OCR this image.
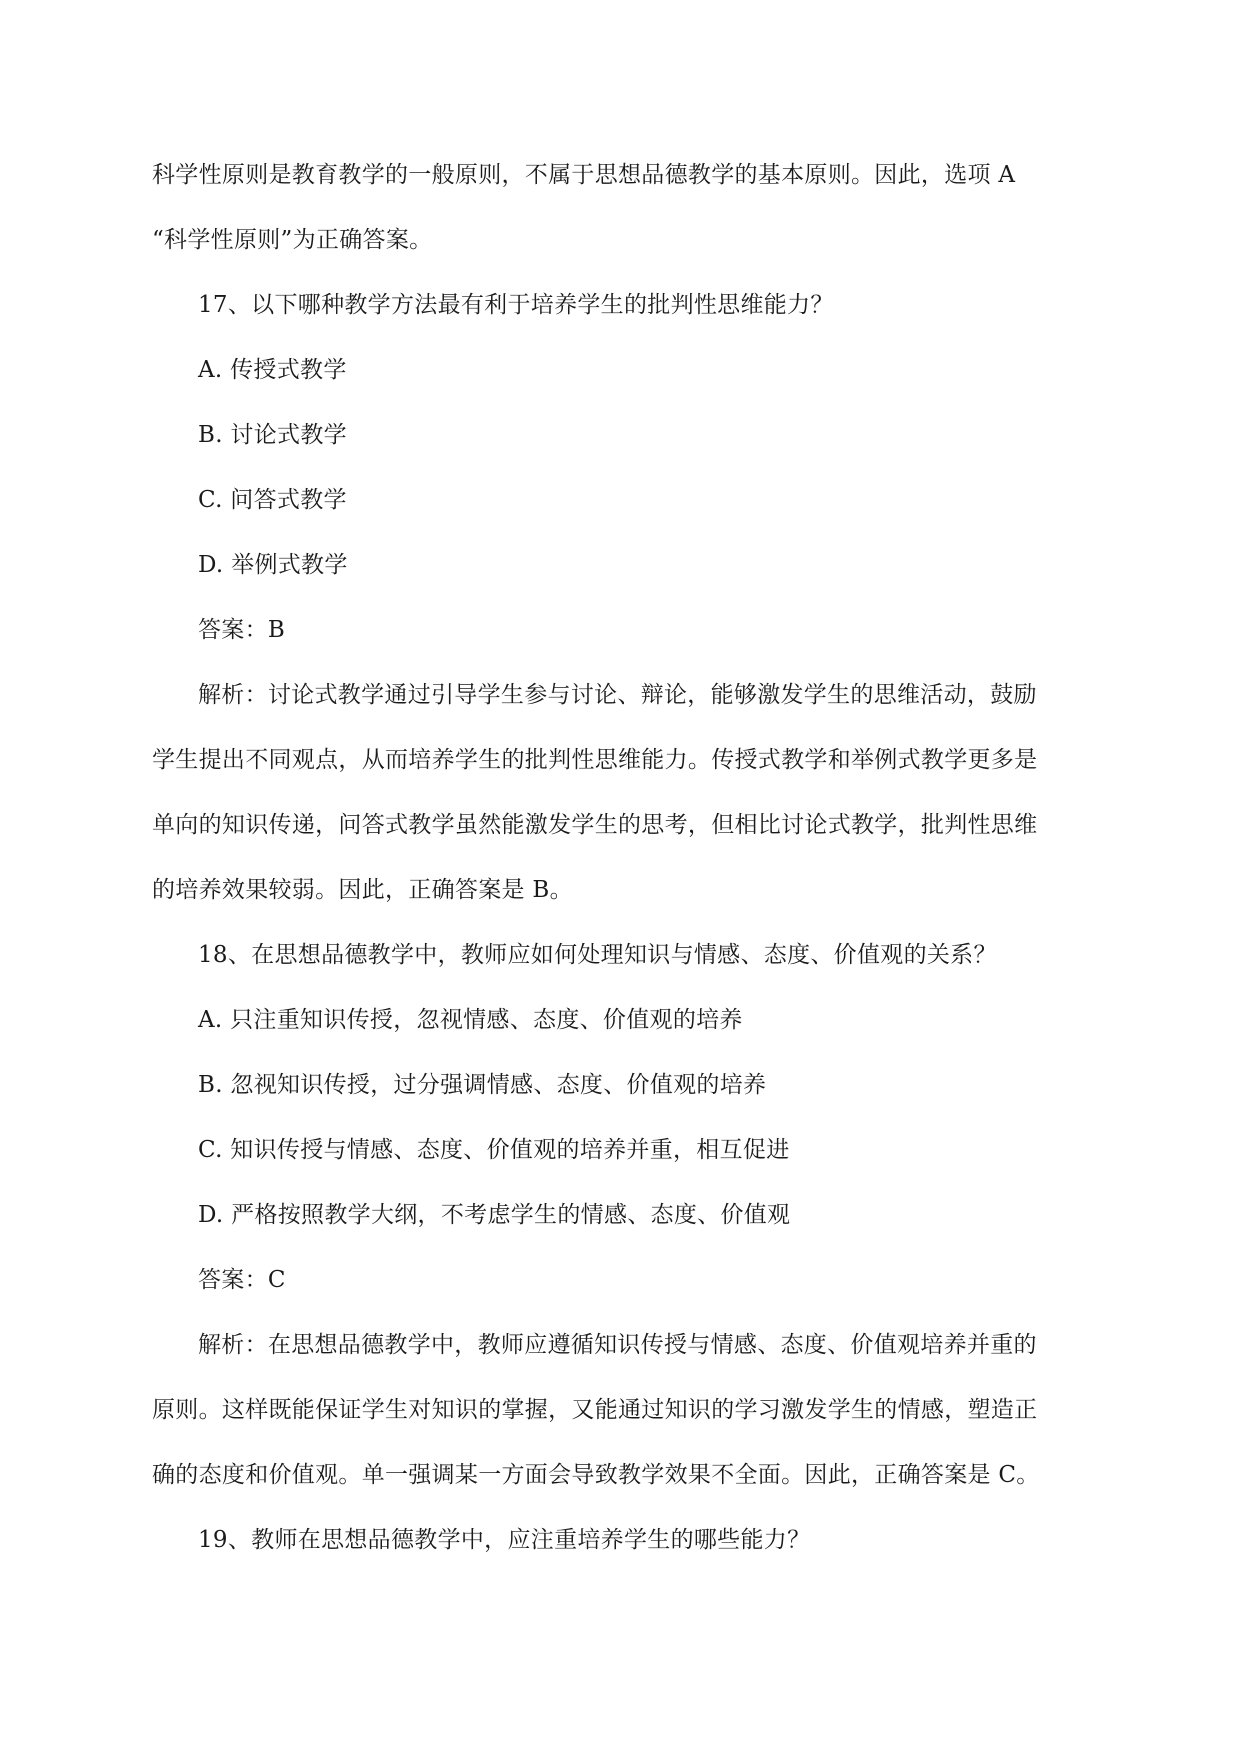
科学性原则是教育教学的一般原则，不属于思想品德教学的基本原则。因此，选项 A
“科学性原则”为正确答案。

17、以下哪种教学方法最有利于培养学生的批判性思维能力？

A. 传授式教学

B. 讨论式教学

C. 问答式教学

D. 举例式教学

答案：B

解析：讨论式教学通过引导学生参与讨论、辩论，能够激发学生的思维活动，鼓励
学生提出不同观点，从而培养学生的批判性思维能力。传授式教学和举例式教学更多是
单向的知识传递，问答式教学虽然能激发学生的思考，但相比讨论式教学，批判性思维
的培养效果较弱。因此，正确答案是 B。

18、在思想品德教学中，教师应如何处理知识与情感、态度、价值观的关系？

A. 只注重知识传授，忽视情感、态度、价值观的培养

B. 忽视知识传授，过分强调情感、态度、价值观的培养

C. 知识传授与情感、态度、价值观的培养并重，相互促进

D. 严格按照教学大纲，不考虑学生的情感、态度、价值观

答案：C

解析：在思想品德教学中，教师应遵循知识传授与情感、态度、价值观培养并重的
原则。这样既能保证学生对知识的掌握，又能通过知识的学习激发学生的情感，塑造正
确的态度和价值观。单一强调某一方面会导致教学效果不全面。因此，正确答案是 C。

19、教师在思想品德教学中，应注重培养学生的哪些能力？
